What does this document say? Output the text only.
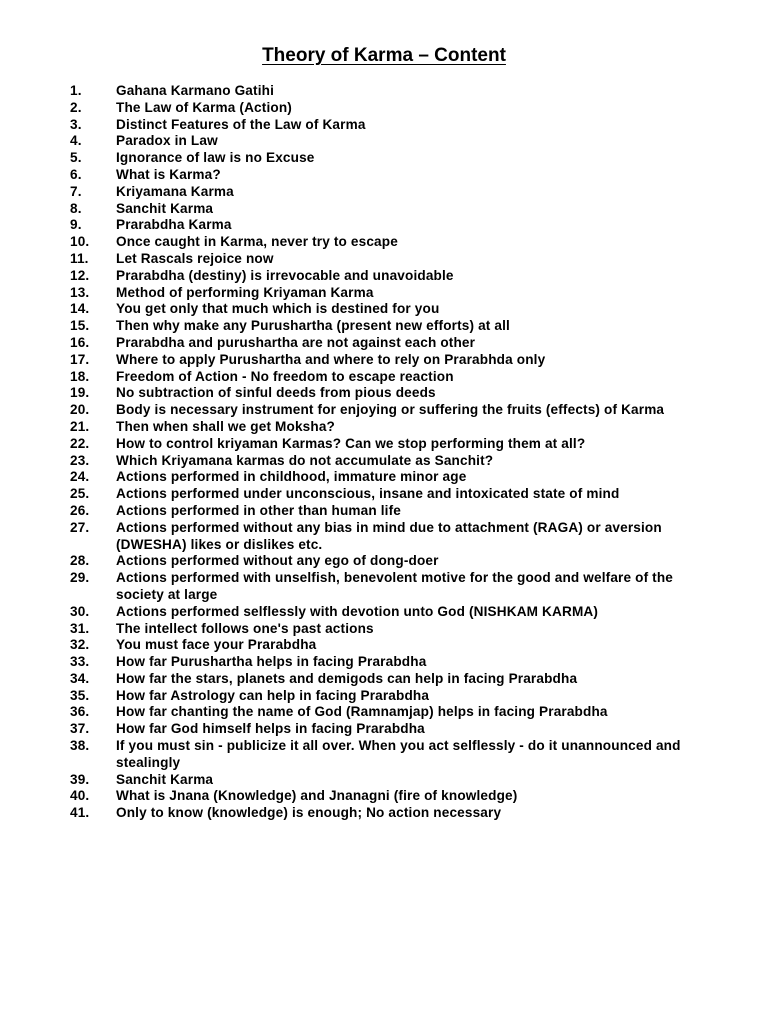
Theory of Karma – Content
1.	Gahana Karmano Gatihi
2.	The Law of Karma (Action)
3.	Distinct Features of the Law of Karma
4.	Paradox in Law
5.	Ignorance of law is no Excuse
6.	What is Karma?
7.	Kriyamana Karma
8.	Sanchit Karma
9.	Prarabdha Karma
10.	Once caught in Karma, never try to escape
11.	Let Rascals rejoice now
12.	Prarabdha (destiny) is irrevocable and unavoidable
13.	Method of performing Kriyaman Karma
14.	You get only that much which is destined for you
15.	Then why make any Purushartha (present new efforts) at all
16.	Prarabdha and purushartha are not against each other
17.	Where to apply Purushartha and where to rely on Prarabhda only
18.	Freedom of Action - No freedom to escape reaction
19.	No subtraction of sinful deeds from pious deeds
20.	Body is necessary instrument for enjoying or suffering the fruits (effects) of Karma
21.	Then when shall we get Moksha?
22.	How to control kriyaman Karmas? Can we stop performing them at all?
23.	Which Kriyamana karmas do not accumulate as Sanchit?
24.	Actions performed in childhood, immature minor age
25.	Actions performed under unconscious, insane and intoxicated state of mind
26.	Actions performed in other than human life
27.	Actions performed without any bias in mind due to attachment (RAGA) or aversion (DWESHA) likes or dislikes etc.
28.	Actions performed without any ego of dong-doer
29.	Actions performed with unselfish, benevolent motive for the good and welfare of the society at large
30.	Actions performed selflessly with devotion unto God (NISHKAM KARMA)
31.	The intellect follows one's past actions
32.	You must face your Prarabdha
33.	How far Purushartha helps in facing Prarabdha
34.	How far the stars, planets and demigods can help in facing Prarabdha
35.	How far Astrology can help in facing Prarabdha
36.	How far chanting the name of God (Ramnamjap) helps in facing Prarabdha
37.	How far God himself helps in facing Prarabdha
38.	If you must sin - publicize it all over. When you act selflessly - do it unannounced and stealingly
39.	Sanchit Karma
40.	What is Jnana (Knowledge) and Jnanagni (fire of knowledge)
41.	Only to know (knowledge) is enough; No action necessary
